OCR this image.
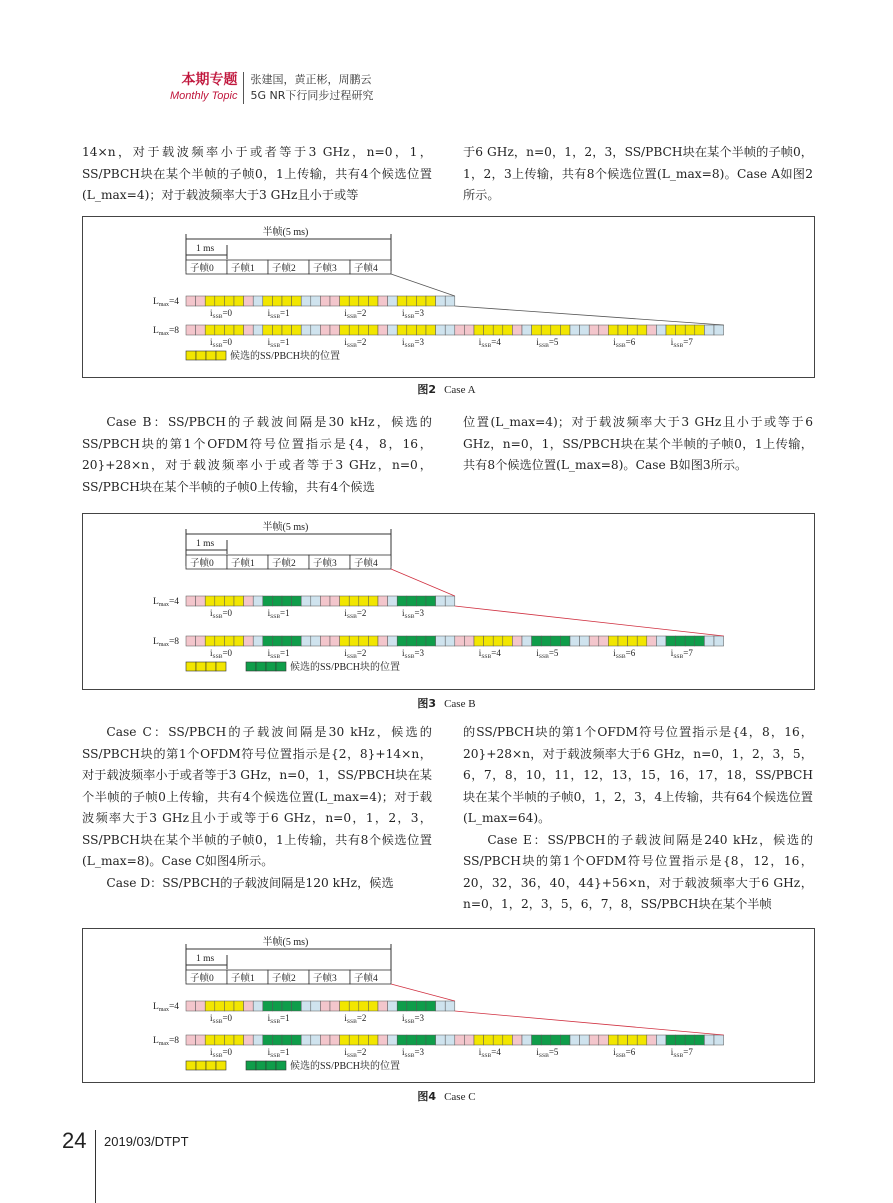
本期专题
Monthly Topic
张建国，黄正彬，周鹏云
5G NR下行同步过程研究

14×n，对于载波频率小于或者等于3 GHz，n=0，1，SS/PBCH块在某个半帧的子帧0，1上传输，共有4个候选位置(L_max=4)；对于载波频率大于3 GHz且小于或等

于6 GHz，n=0，1，2，3，SS/PBCH块在某个半帧的子帧0，1，2，3上传输，共有8个候选位置(L_max=8)。Case A如图2所示。

半帧(5 ms)
1 ms
子帧0 子帧1 子帧2 子帧3 子帧4
$L_{max}=4$
$L_{max}=8$
$i_{SSB}=0$	$i_{SSB}=1$	$i_{SSB}=2$	$i_{SSB}=3$
$i_{SSB}=0$	$i_{SSB}=1$	$i_{SSB}=2$	$i_{SSB}=3$	$i_{SSB}=4$	$i_{SSB}=5$	$i_{SSB}=6$	$i_{SSB}=7$
候选的SS/PBCH块的位置
图2 Case A

Case B：SS/PBCH的子载波间隔是30 kHz，候选的SS/PBCH块的第1个OFDM符号位置指示是{4，8，16，20}+28×n，对于载波频率小于或者等于3 GHz，n=0，SS/PBCH块在某个半帧的子帧0上传输，共有4个候选

位置(L_max=4)；对于载波频率大于3 GHz且小于或等于6 GHz，n=0，1，SS/PBCH块在某个半帧的子帧0，1上传输，共有8个候选位置(L_max=8)。Case B如图3所示。

半帧(5 ms)
1 ms
子帧0 子帧1 子帧2 子帧3 子帧4
$L_{max}=4$
$L_{max}=8$
$i_{SSB}=0$	$i_{SSB}=1$	$i_{SSB}=2$	$i_{SSB}=3$
$i_{SSB}=0$	$i_{SSB}=1$	$i_{SSB}=2$	$i_{SSB}=3$	$i_{SSB}=4$	$i_{SSB}=5$	$i_{SSB}=6$	$i_{SSB}=7$
候选的SS/PBCH块的位置
图3 Case B

Case C：SS/PBCH的子载波间隔是30 kHz，候选的SS/PBCH块的第1个OFDM符号位置指示是{2，8}+14×n，对于载波频率小于或者等于3 GHz，n=0，1，SS/PBCH块在某个半帧的子帧0上传输，共有4个候选位置(L_max=4)；对于载波频率大于3 GHz且小于或等于6 GHz，n=0，1，2，3，SS/PBCH块在某个半帧的子帧0，1上传输，共有8个候选位置(L_max=8)。Case C如图4所示。

Case D：SS/PBCH的子载波间隔是120 kHz，候选

的SS/PBCH块的第1个OFDM符号位置指示是{4，8，16，20}+28×n，对于载波频率大于6 GHz，n=0，1，2，3，5，6，7，8，10，11，12，13，15，16，17，18，SS/PBCH块在某个半帧的子帧0，1，2，3，4上传输，共有64个候选位置(L_max=64)。

Case E：SS/PBCH的子载波间隔是240 kHz，候选的SS/PBCH块的第1个OFDM符号位置指示是{8，12，16，20，32，36，40，44}+56×n，对于载波频率大于6 GHz，n=0，1，2，3，5，6，7，8，SS/PBCH块在某个半帧

半帧(5 ms)
1 ms
子帧0 子帧1 子帧2 子帧3 子帧4
$L_{max}=4$
$L_{max}=8$
$i_{SSB}=0$	$i_{SSB}=1$	$i_{SSB}=2$	$i_{SSB}=3$
$i_{SSB}=0$	$i_{SSB}=1$	$i_{SSB}=2$	$i_{SSB}=3$	$i_{SSB}=4$	$i_{SSB}=5$	$i_{SSB}=6$	$i_{SSB}=7$
候选的SS/PBCH块的位置
图4 Case C
24 2019/03/DTPT
